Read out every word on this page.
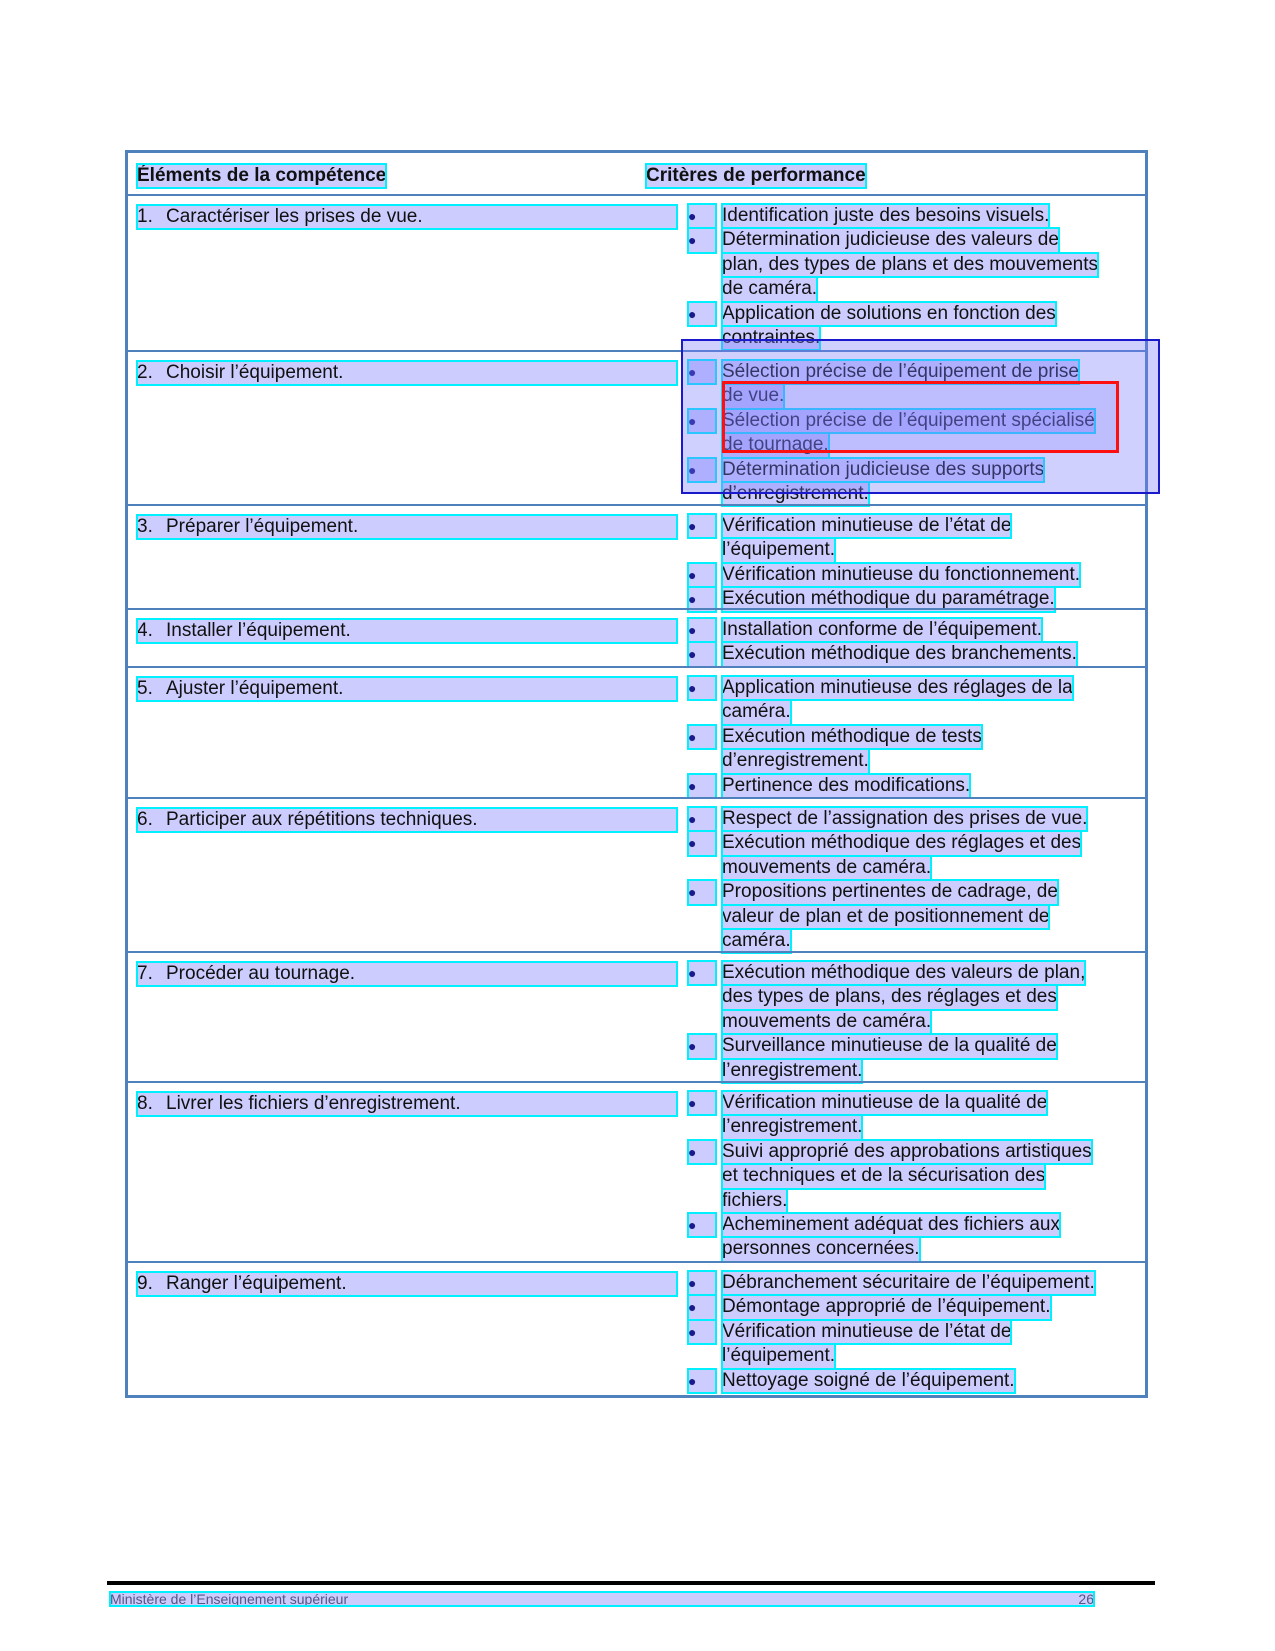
Éléments de la compétence	Critères de performance
1. Caractériser les prises de vue.	●	Identification juste des besoins visuels.
●	Détermination judicieuse des valeurs de
plan, des types de plans et des mouvements
de caméra.
●	Application de solutions en fonction des
contraintes.
2. Choisir l’équipement.	●	Sélection précise de l’équipement de prise
de vue.
●	Sélection précise de l’équipement spécialisé
de tournage.
●	Détermination judicieuse des supports
d’enregistrement.
3. Préparer l’équipement.	●	Vérification minutieuse de l’état de
l’équipement.
●	Vérification minutieuse du fonctionnement.
●	Exécution méthodique du paramétrage.
4. Installer l’équipement.	●	Installation conforme de l’équipement.
●	Exécution méthodique des branchements.
5. Ajuster l’équipement.	●	Application minutieuse des réglages de la
caméra.
●	Exécution méthodique de tests
d’enregistrement.
●	Pertinence des modifications.
6. Participer aux répétitions techniques.	●	Respect de l’assignation des prises de vue.
●	Exécution méthodique des réglages et des
mouvements de caméra.
●	Propositions pertinentes de cadrage, de
valeur de plan et de positionnement de
caméra.
7. Procéder au tournage.	●	Exécution méthodique des valeurs de plan,
des types de plans, des réglages et des
mouvements de caméra.
●	Surveillance minutieuse de la qualité de
l’enregistrement.
8. Livrer les fichiers d’enregistrement.	●	Vérification minutieuse de la qualité de
l’enregistrement.
●	Suivi approprié des approbations artistiques
et techniques et de la sécurisation des
fichiers.
●	Acheminement adéquat des fichiers aux
personnes concernées.
9. Ranger l’équipement.	●	Débranchement sécuritaire de l’équipement.
●	Démontage approprié de l’équipement.
●	Vérification minutieuse de l’état de
l’équipement.
●	Nettoyage soigné de l’équipement.
Ministère de l’Enseignement supérieur	26
